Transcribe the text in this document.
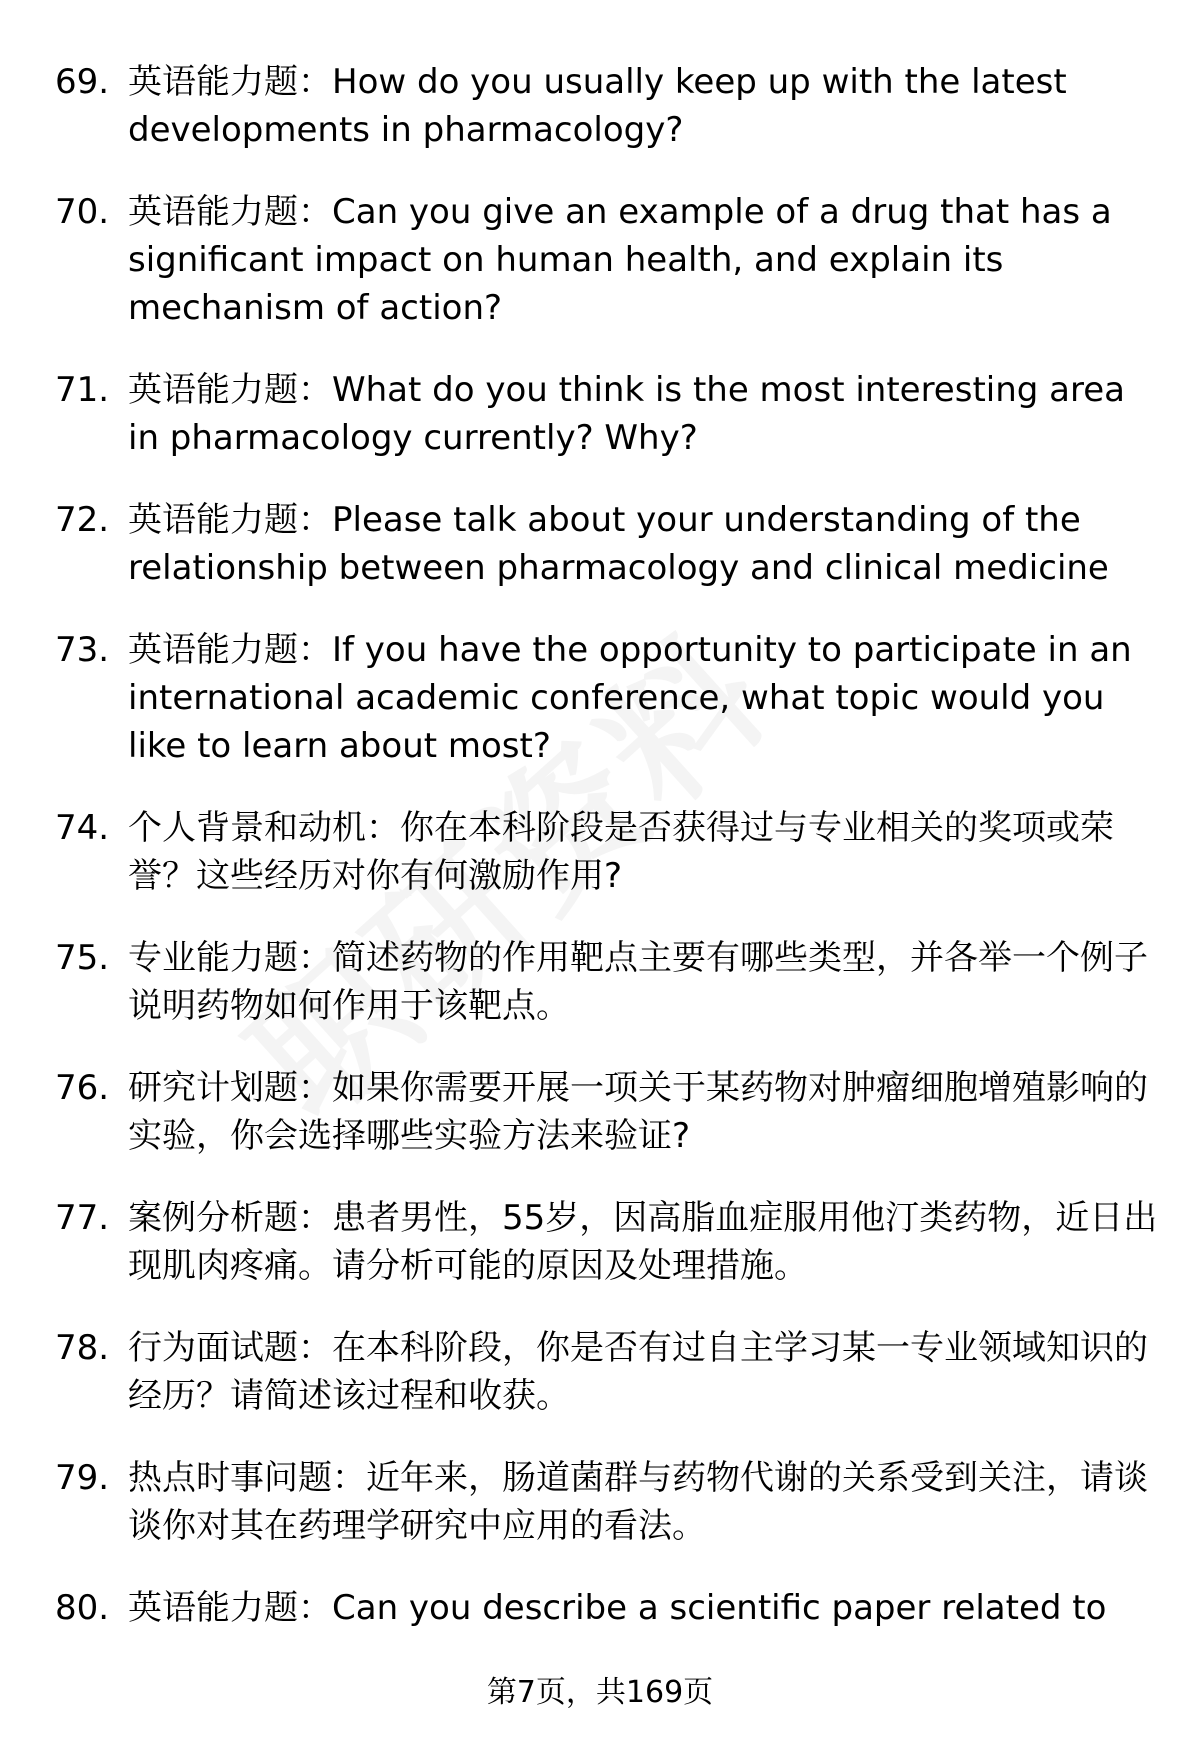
69. 英语能力题：How do you usually keep up with the latest developments in pharmacology?
70. 英语能力题：Can you give an example of a drug that has a significant impact on human health, and explain its mechanism of action?
71. 英语能力题：What do you think is the most interesting area in pharmacology currently? Why?
72. 英语能力题：Please talk about your understanding of the relationship between pharmacology and clinical medicine
73. 英语能力题：If you have the opportunity to participate in an international academic conference, what topic would you like to learn about most?
74. 个人背景和动机：你在本科阶段是否获得过与专业相关的奖项或荣誉？这些经历对你有何激励作用?
75. 专业能力题：简述药物的作用靶点主要有哪些类型，并各举一个例子说明药物如何作用于该靶点。
76. 研究计划题：如果你需要开展一项关于某药物对肿瘤细胞增殖影响的实验，你会选择哪些实验方法来验证?
77. 案例分析题：患者男性，55岁，因高脂血症服用他汀类药物，近日出现肌肉疼痛。请分析可能的原因及处理措施。
78. 行为面试题：在本科阶段，你是否有过自主学习某一专业领域知识的经历？请简述该过程和收获。
79. 热点时事问题：近年来，肠道菌群与药物代谢的关系受到关注，请谈谈你对其在药理学研究中应用的看法。
80. 英语能力题：Can you describe a scientific paper related to
第7页，共169页
